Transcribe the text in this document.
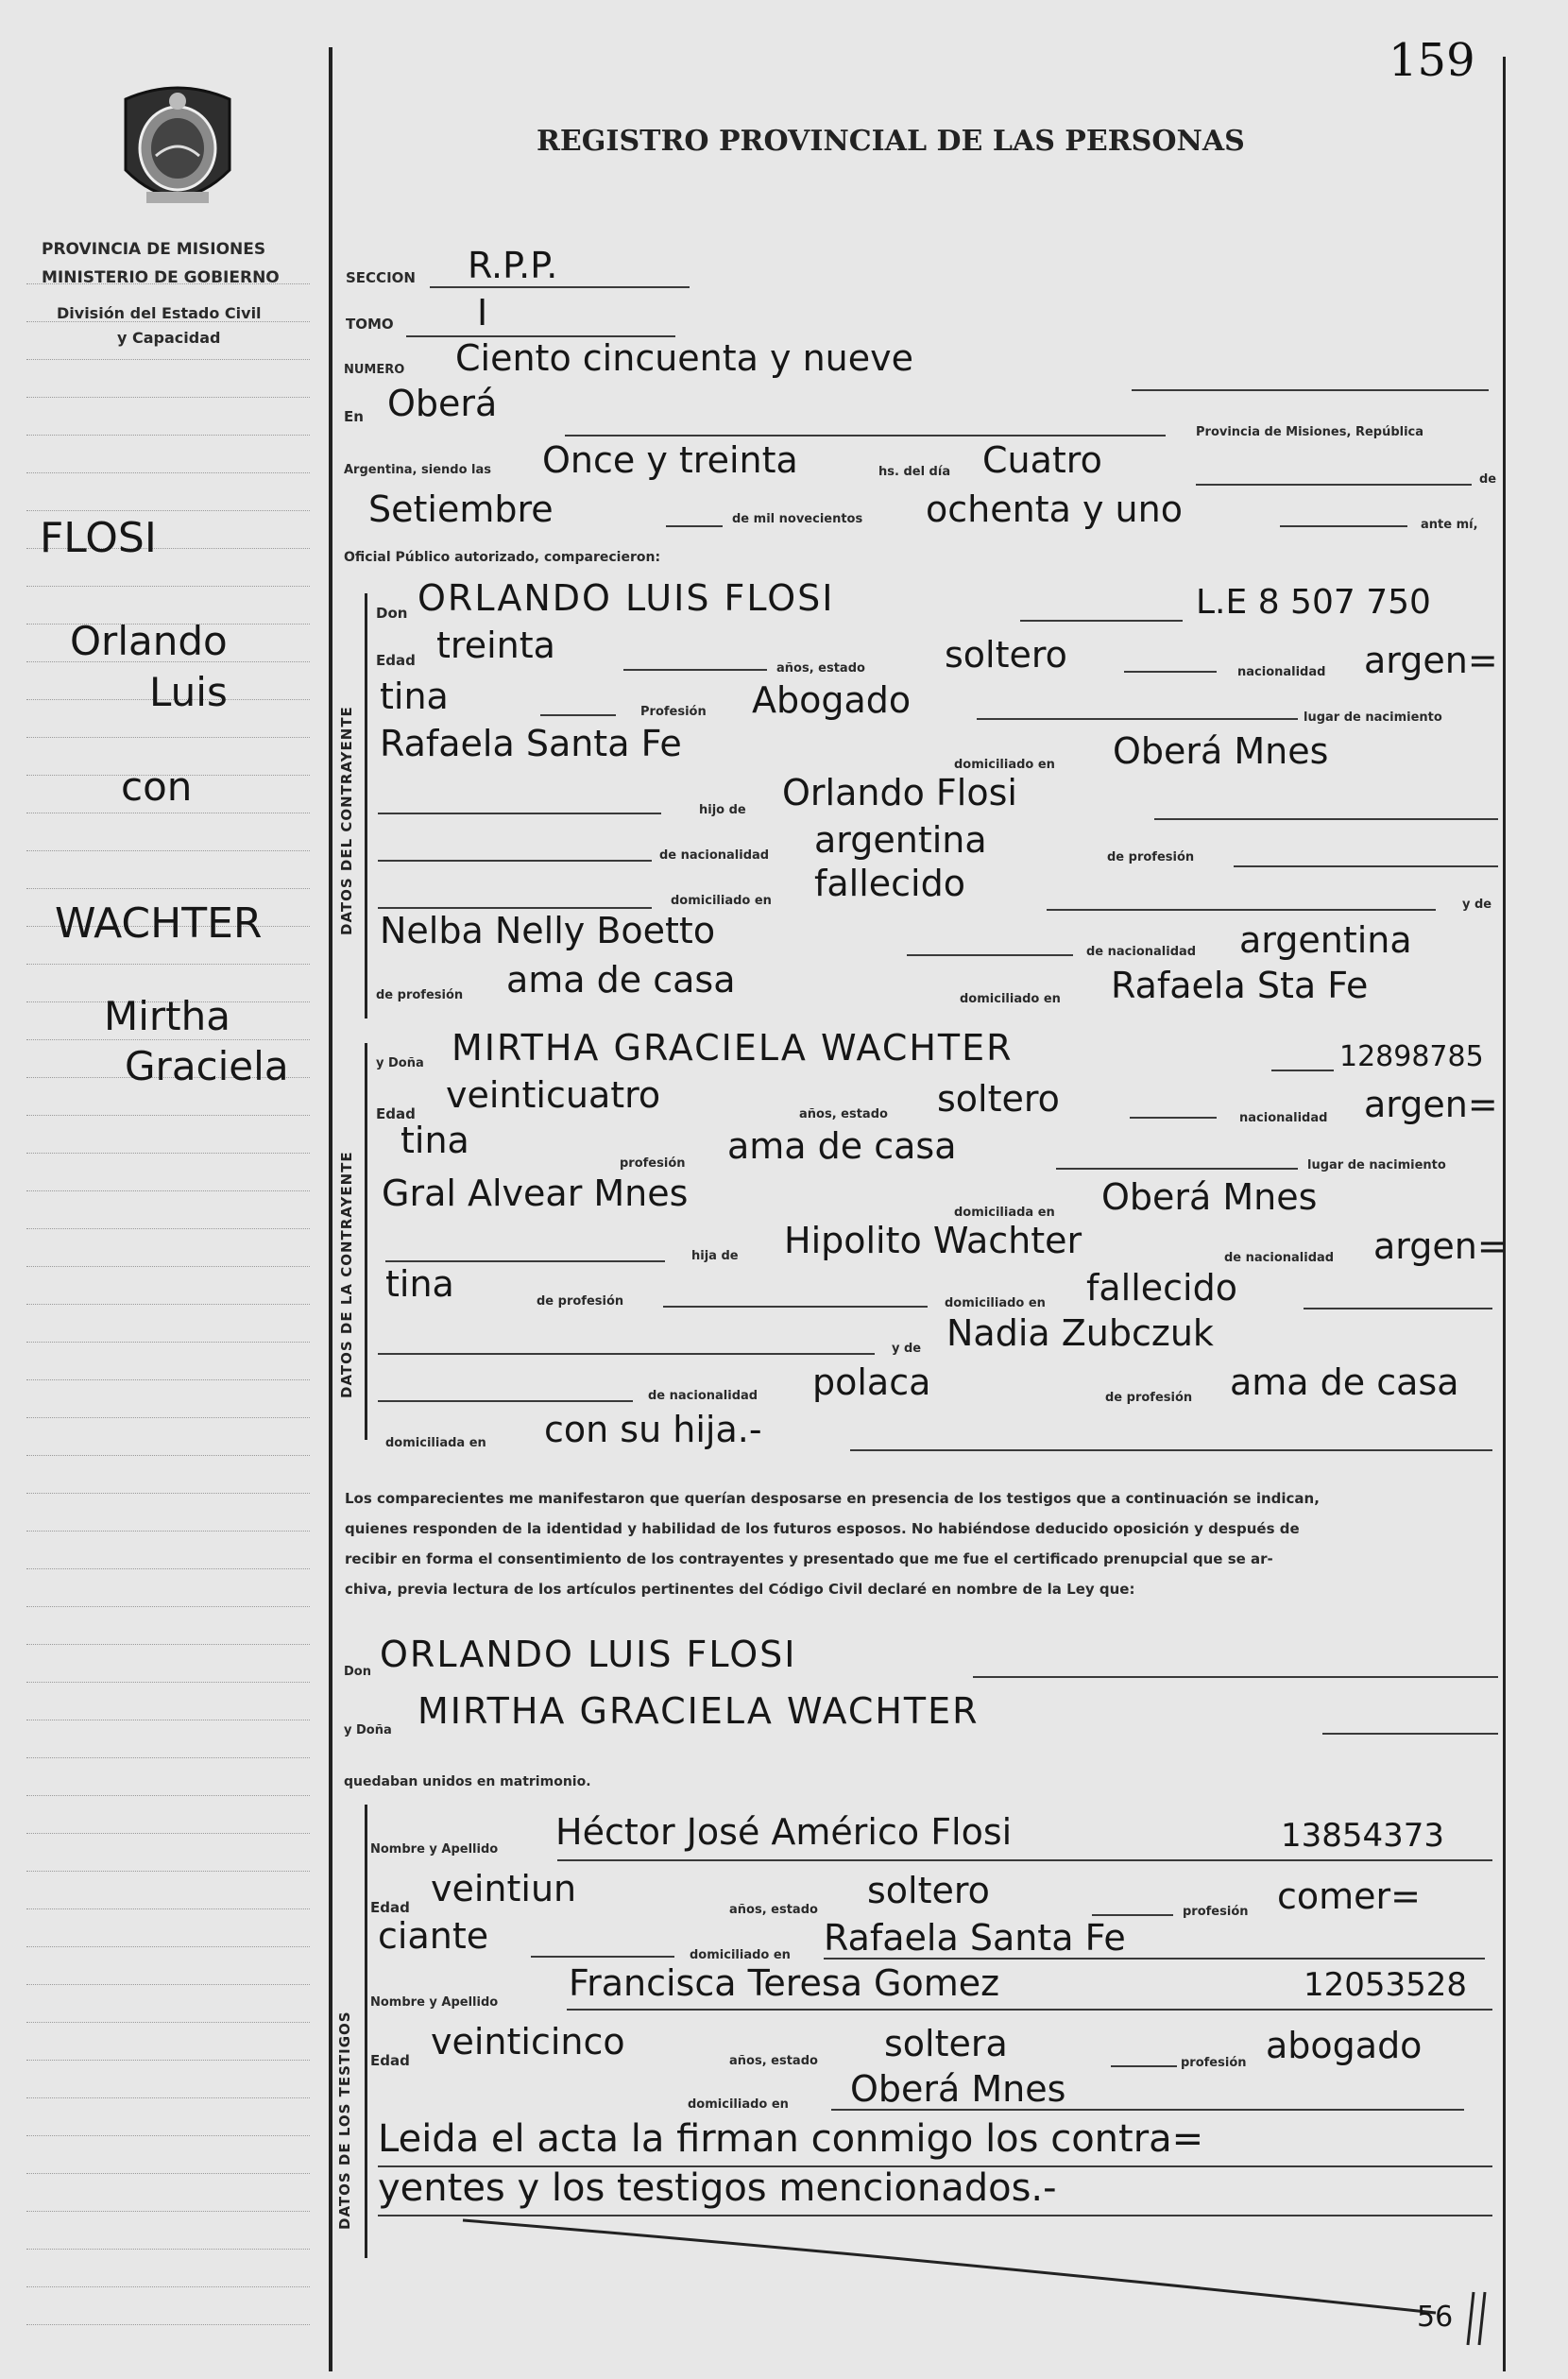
PROVINCIA DE MISIONES
MINISTERIO DE GOBIERNO
División del Estado Civil
y Capacidad
159
REGISTRO PROVINCIAL DE LAS PERSONAS
FLOSI
Orlando
Luis
con
WACHTER
Mirtha
Graciela
SECCION R.P.P.
TOMO I
NUMERO Ciento cincuenta y nueve
En Oberá
Provincia de Misiones, República
Argentina, siendo las Once y treinta	hs. del día Cuatro	de
Setiembre	de mil novecientos ochenta y uno	ante mí,
Oficial Público autorizado, comparecieron:
DATOS DEL CONTRAYENTE
Don ORLANDO LUIS FLOSI	L.E 8 507 750
Edad treinta
años, estado soltero	nacionalidad argen=
tina	Profesión Abogado	lugar de nacimiento
Rafaela Santa Fe
domiciliado en Oberá Mnes
hijo de Orlando Flosi
de nacionalidad argentina	de profesión
domiciliado en fallecido
y de
Nelba Nelly Boetto
de nacionalidad argentina
de profesión ama de casa	domiciliado en Rafaela Sta Fe
DATOS DE LA CONTRAYENTE
y Doña MIRTHA GRACIELA WACHTER	12898785
Edad veinticuatro	años, estado soltero	nacionalidad argen=
tina
profesión ama de casa	lugar de nacimiento
Gral Alvear Mnes	domiciliada en Oberá Mnes
hija de Hipolito Wachter	de nacionalidad argen=
tina	de profesión	domiciliado en fallecido
y de Nadia Zubczuk
de nacionalidad polaca	de profesión ama de casa
domiciliada en con su hija.-
Los comparecientes me manifestaron que querían desposarse en presencia de los testigos que a continuación se indican,
quienes responden de la identidad y habilidad de los futuros esposos. No habiéndose deducido oposición y después de
recibir en forma el consentimiento de los contrayentes y presentado que me fue el certificado prenupcial que se ar-
chiva, previa lectura de los artículos pertinentes del Código Civil declaré en nombre de la Ley que:
Don ORLANDO LUIS FLOSI
y Doña MIRTHA GRACIELA WACHTER
quedaban unidos en matrimonio.
DATOS DE LOS TESTIGOS
Nombre y Apellido Héctor José Américo Flosi	13854373
Edad veintiun
años, estado soltero
profesión comer=
ciante	domiciliado en Rafaela Santa Fe
Nombre y Apellido Francisca Teresa Gomez	12053528
Edad veinticinco	años, estado soltera	profesión abogado
domiciliado en Oberá Mnes
Leida el acta la firman conmigo los contra=
yentes y los testigos mencionados.-
56
